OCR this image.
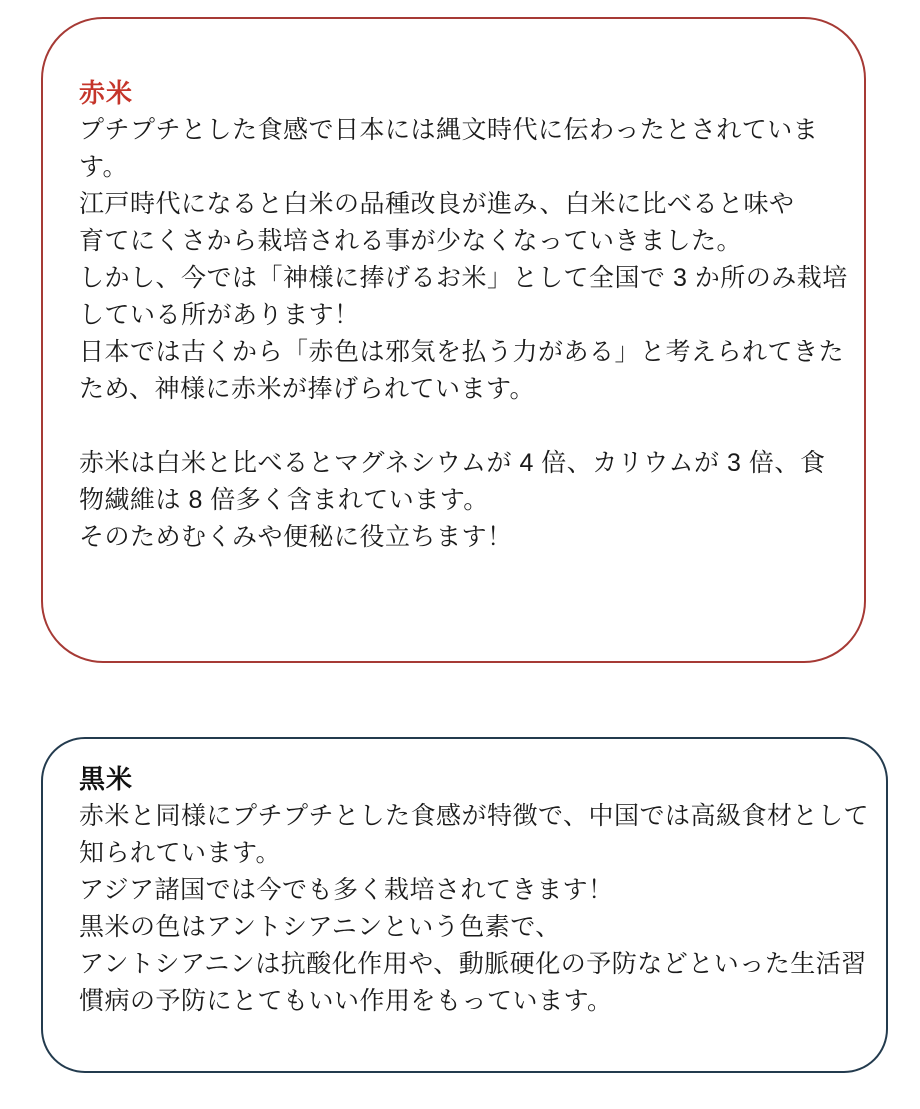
赤米
プチプチとした食感で日本には縄文時代に伝わったとされていま
す。
江戸時代になると白米の品種改良が進み、白米に比べると味や
育てにくさから栽培される事が少なくなっていきました。
しかし、今では「神様に捧げるお米」として全国で 3 か所のみ栽培
している所があります！
日本では古くから「赤色は邪気を払う力がある」と考えられてきた
ため、神様に赤米が捧げられています。
赤米は白米と比べるとマグネシウムが 4 倍、カリウムが 3 倍、食
物繊維は 8 倍多く含まれています。
そのためむくみや便秘に役立ちます！
黒米
赤米と同様にプチプチとした食感が特徴で、中国では高級食材として
知られています。
アジア諸国では今でも多く栽培されてきます！
黒米の色はアントシアニンという色素で、
アントシアニンは抗酸化作用や、動脈硬化の予防などといった生活習
慣病の予防にとてもいい作用をもっています。
